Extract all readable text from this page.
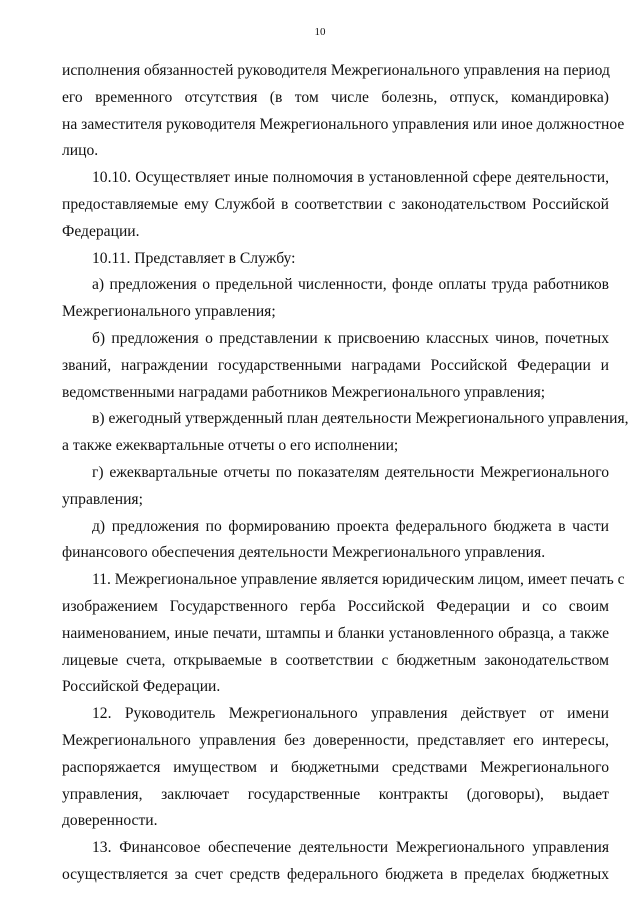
10
исполнения обязанностей руководителя Межрегионального управления на период
его временного отсутствия (в том числе болезнь, отпуск, командировка)
на заместителя руководителя Межрегионального управления или иное должностное
лицо.
10.10. Осуществляет иные полномочия в установленной сфере деятельности,
предоставляемые ему Службой в соответствии с законодательством Российской
Федерации.
10.11. Представляет в Службу:
а) предложения о предельной численности, фонде оплаты труда работников
Межрегионального управления;
б) предложения о представлении к присвоению классных чинов, почетных
званий, награждении государственными наградами Российской Федерации и
ведомственными наградами работников Межрегионального управления;
в) ежегодный утвержденный план деятельности Межрегионального управления,
а также ежеквартальные отчеты о его исполнении;
г) ежеквартальные отчеты по показателям деятельности Межрегионального
управления;
д) предложения по формированию проекта федерального бюджета в части
финансового обеспечения деятельности Межрегионального управления.
11. Межрегиональное управление является юридическим лицом, имеет печать с
изображением Государственного герба Российской Федерации и со своим
наименованием, иные печати, штампы и бланки установленного образца, а также
лицевые счета, открываемые в соответствии с бюджетным законодательством
Российской Федерации.
12. Руководитель Межрегионального управления действует от имени
Межрегионального управления без доверенности, представляет его интересы,
распоряжается имуществом и бюджетными средствами Межрегионального
управления, заключает государственные контракты (договоры), выдает
доверенности.
13. Финансовое обеспечение деятельности Межрегионального управления
осуществляется за счет средств федерального бюджета в пределах бюджетных
